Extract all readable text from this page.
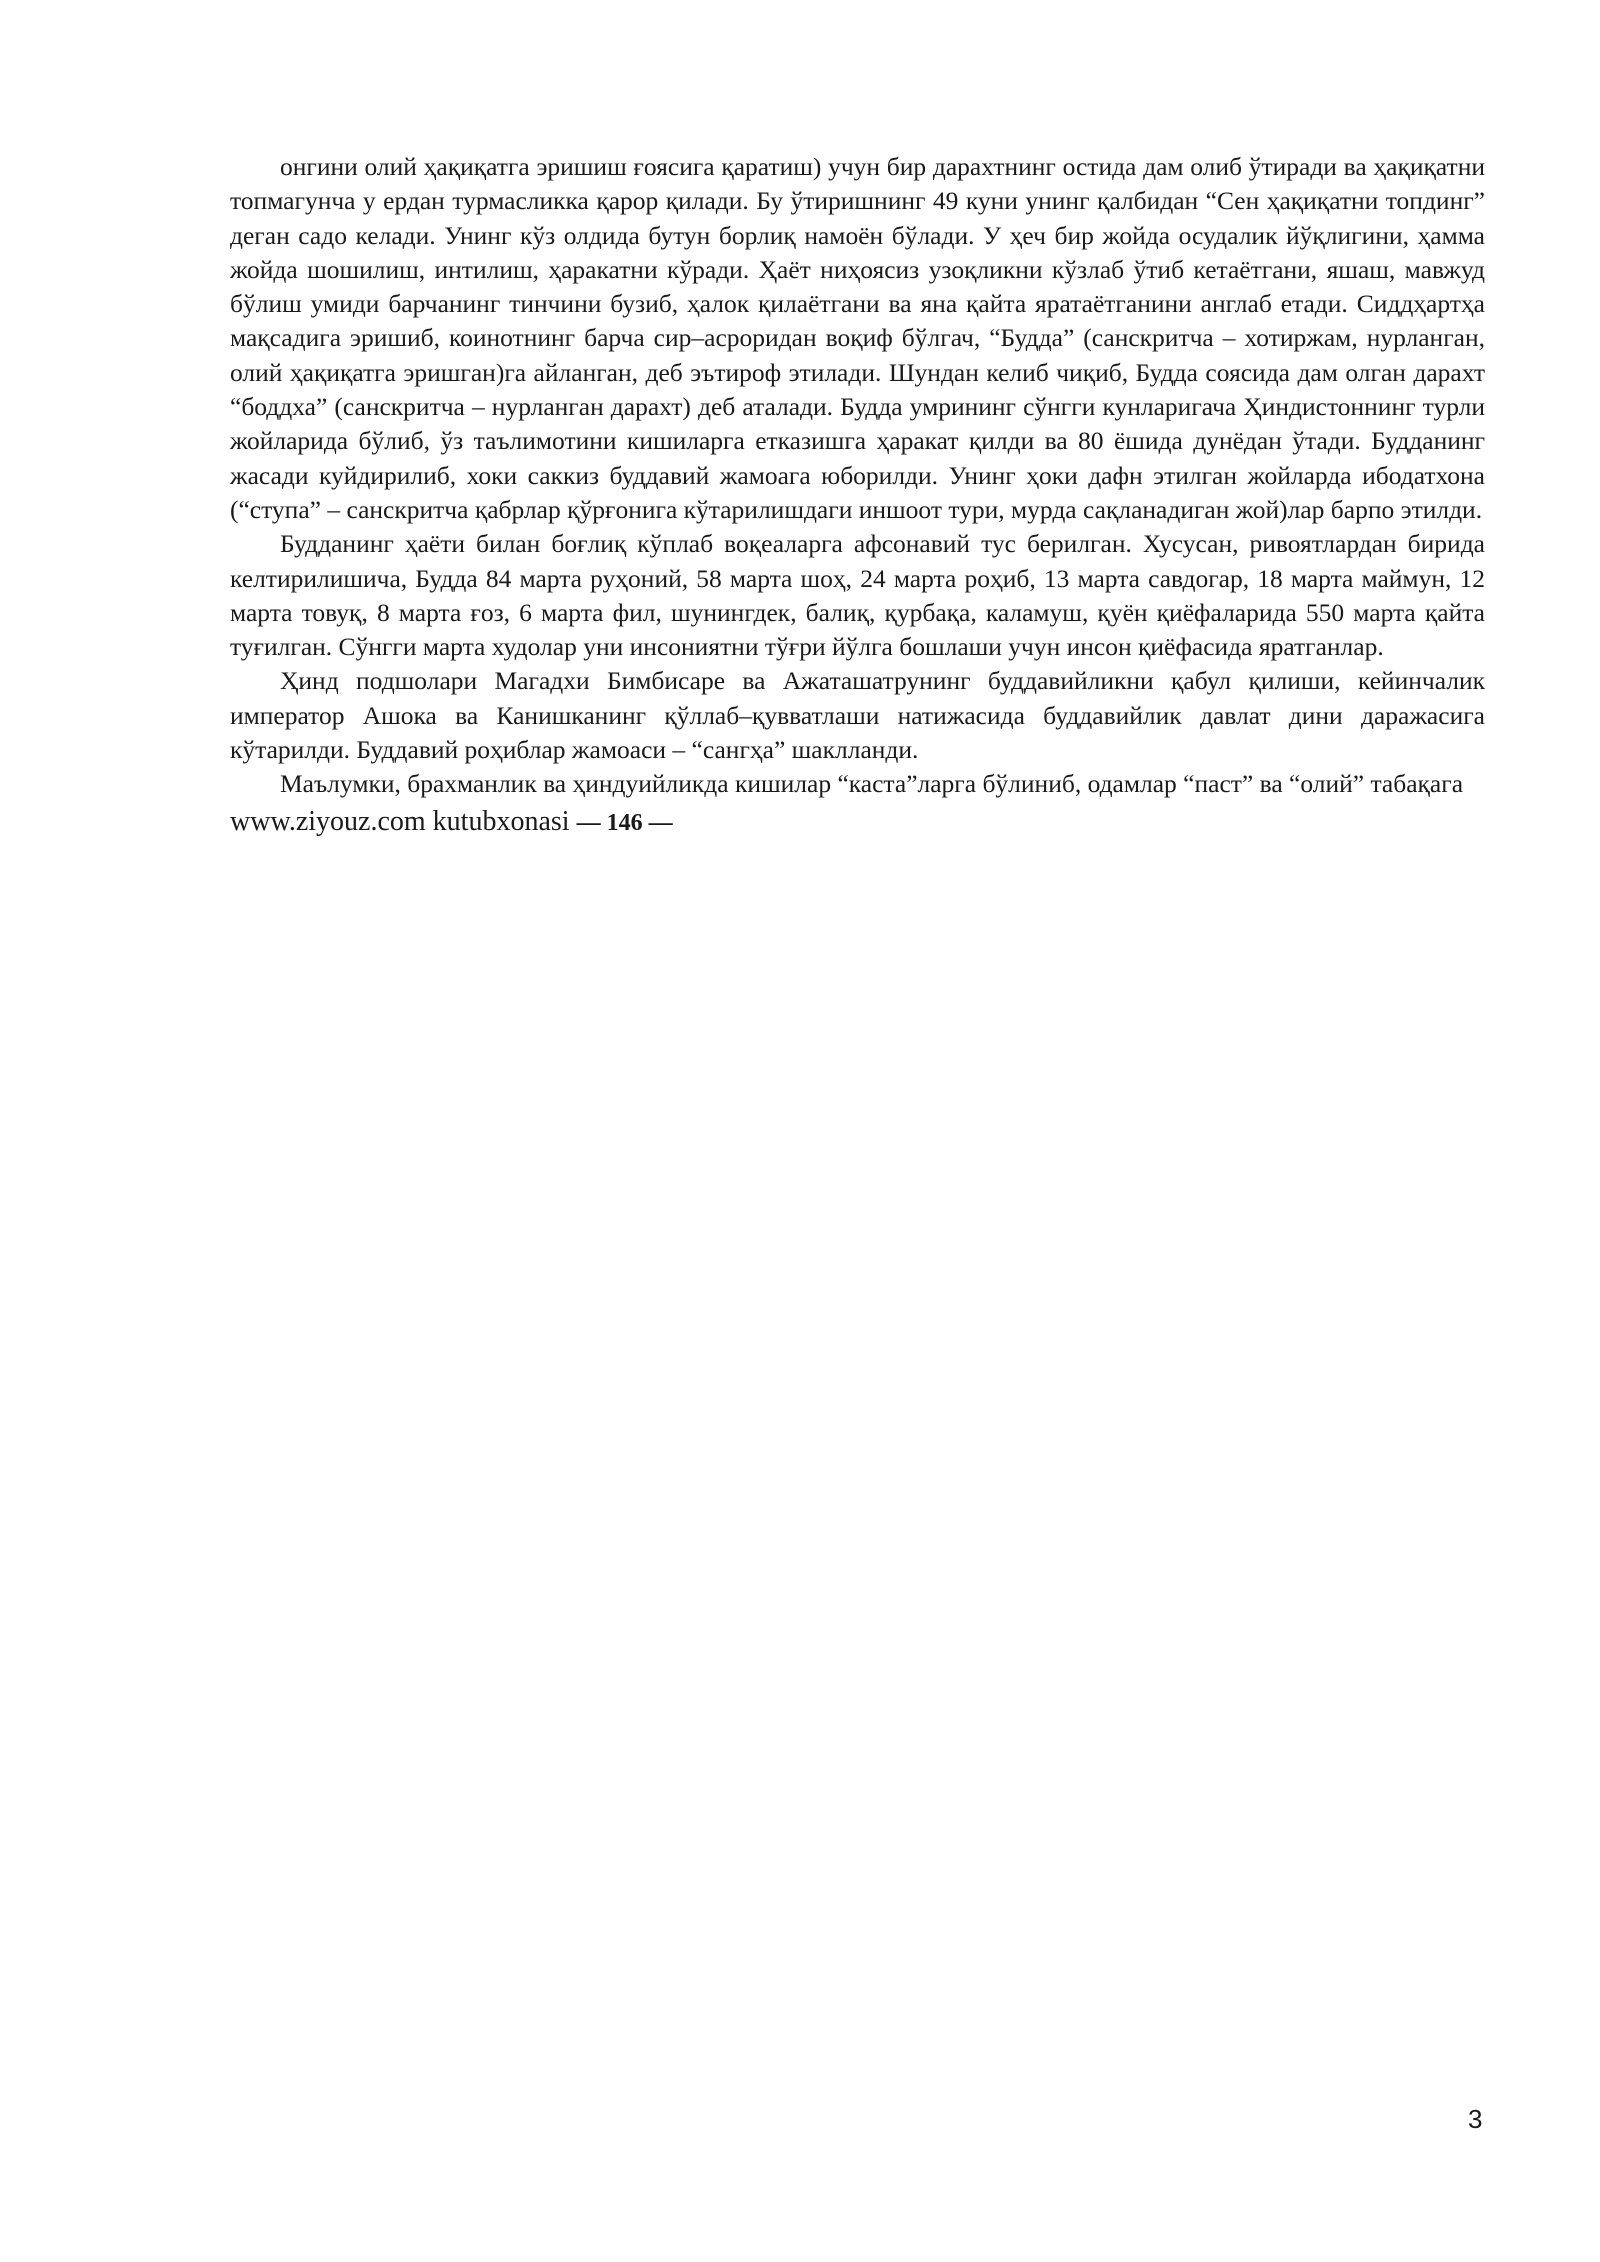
онгини олий ҳақиқатга эришиш ғоясига қаратиш) учун бир дарахтнинг остида дам олиб ўтиради ва ҳақиқатни топмагунча у ердан турмасликка қарор қилади. Бу ўтиришнинг 49 куни унинг қалбидан “Сен ҳақиқатни топдинг” деган садо келади. Унинг кўз олдида бутун борлиқ намоён бўлади. У ҳеч бир жойда осудалик йўқлигини, ҳамма жойда шошилиш, интилиш, ҳаракатни кўради. Ҳаёт ниҳоясиз узоқликни кўзлаб ўтиб кетаётгани, яшаш, мавжуд бўлиш умиди барчанинг тинчини бузиб, ҳалок қилаётгани ва яна қайта яратаётганини англаб етади. Сиддҳартҳа мақсадига эришиб, коинотнинг барча сир–асроридан воқиф бўлгач, “Будда” (санскритча – хотиржам, нурланган, олий ҳақиқатга эришган)га айланган, деб эътироф этилади. Шундан келиб чиқиб, Будда соясида дам олган дарахт “боддха” (санскритча – нурланган дарахт) деб аталади. Будда умрининг сўнгги кунларигача Ҳиндистоннинг турли жойларида бўлиб, ўз таълимотини кишиларга етказишга ҳаракат қилди ва 80 ёшида дунёдан ўтади. Будданинг жасади куйдирилиб, хоки саккиз буддавий жамоага юборилди. Унинг ҳоки дафн этилган жойларда ибодатхона (“ступа” – санскритча қабрлар қўрғонига кўтарилишдаги иншоот тури, мурда сақланадиган жой)лар барпо этилди.

Будданинг ҳаёти билан боғлиқ кўплаб воқеаларга афсонавий тус берилган. Хусусан, ривоятлардан бирида келтирилишича, Будда 84 марта руҳоний, 58 марта шоҳ, 24 марта роҳиб, 13 марта савдогар, 18 марта маймун, 12 марта товуқ, 8 марта ғоз, 6 марта фил, шунингдек, балиқ, қурбақа, каламуш, қуён қиёфаларида 550 марта қайта туғилган. Сўнгги марта худолар уни инсониятни тўғри йўлга бошлаши учун инсон қиёфасида яратганлар.

Ҳинд подшолари Магадхи Бимбисаре ва Ажаташатрунинг буддавийликни қабул қилиши, кейинчалик император Ашока ва Канишканинг қўллаб–қувватлаши натижасида буддавийлик давлат дини даражасига кўтарилди. Буддавий роҳиблар жамоаси – “сангҳа” шаклланди.

Маълумки, брахманлик ва ҳиндуийликда кишилар “каста”ларга бўлиниб, одамлар “паст” ва “олий” табақага

www.ziyouz.com kutubxonasi — 146 —

3
